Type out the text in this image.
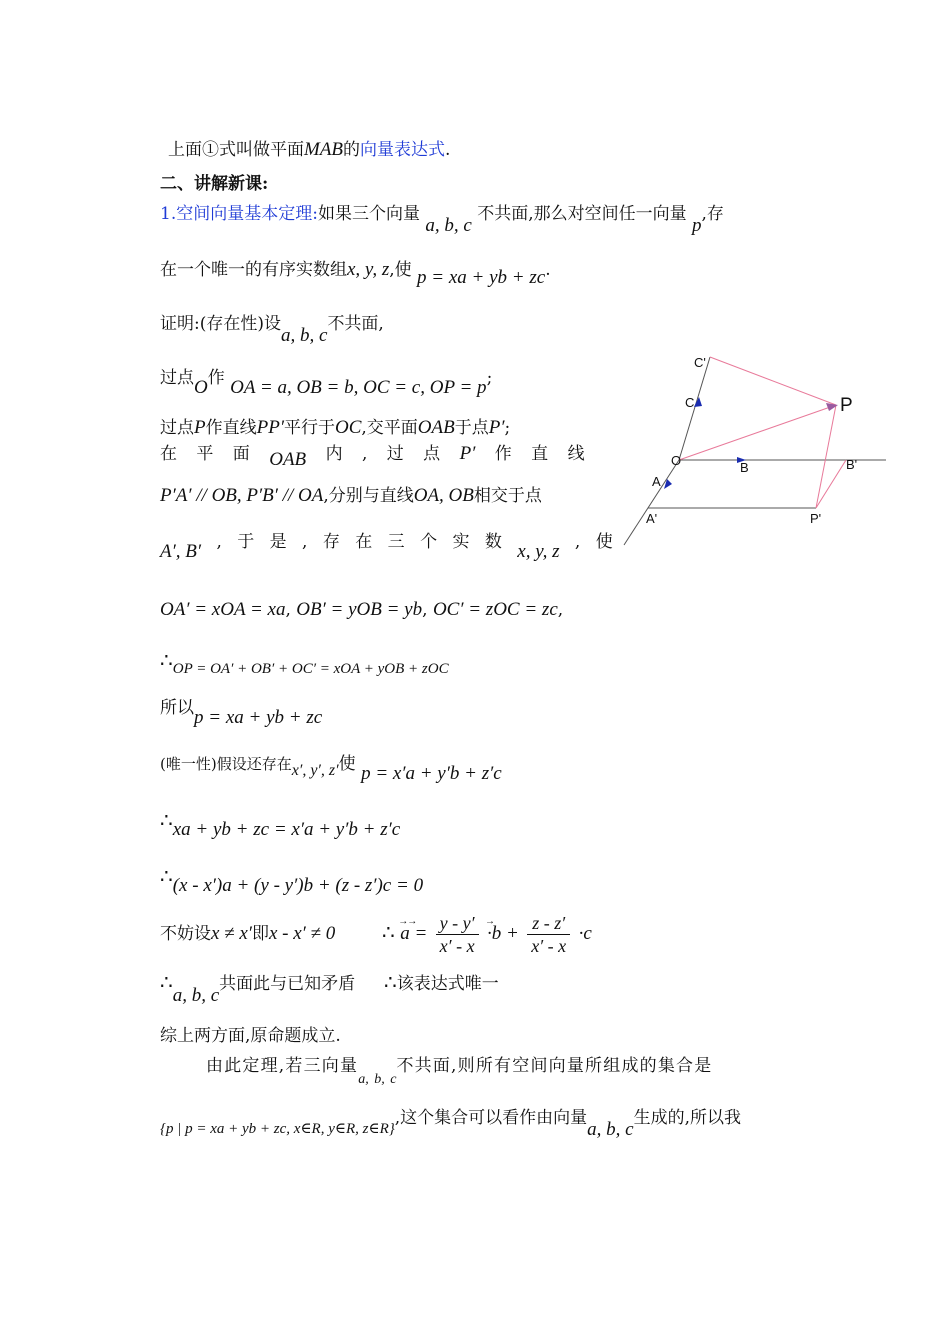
上面①式叫做平面MAB的向量表达式.
二、讲解新课:
1.空间向量基本定理:如果三个向量 a, b, c 不共面,那么对空间任一向量 p,存
在一个唯一的有序实数组x, y, z,使 p = xa + yb + zc.
证明:(存在性)设a, b, c不共面,
过点O作 OA = a, OB = b, OC = c, OP = p;
过点P作直线PP′平行于OC,交平面OAB于点P′;
在 平 面 OAB 内 , 过 点 P′ 作 直 线
P′A′ // OB, P′B′ // OA,分别与直线OA, OB相交于点
A′, B′ , 于 是 , 存 在 三 个 实 数 x, y, z , 使
OA′ = xOA = xa, OB′ = yOB = yb, OC′ = zOC = zc,
∴OP = OA′ + OB′ + OC′ = xOA + yOB + zOC
所以p = xa + yb + zc
(唯一性)假设还存在x′, y′, z′使 p = x′a + y′b + z′c
∴xa + yb + zc = x′a + y′b + z′c
∴(x - x′)a + (y - y′)b + (z - z′)c = 0
不妨设x ≠ x′即x - x′ ≠ 0 ∴ →→ $a = \frac{y - y'}{x' - x}$
→ $\cdot b + \frac{z - z'}{x' - x} \cdot c$
∴a, b, c共面此与已知矛盾 ∴该表达式唯一
综上两方面,原命题成立.
由此定理,若三向量$_{a, b, c}$不共面,则所有空间向量所组成的集合是
{p | p = xa + yb + zc, x∈R, y∈R, z∈R},这个集合可以看作由向量a, b, c生成的,所以我
C'
C	P
O	B	B'
A
A'	P'
